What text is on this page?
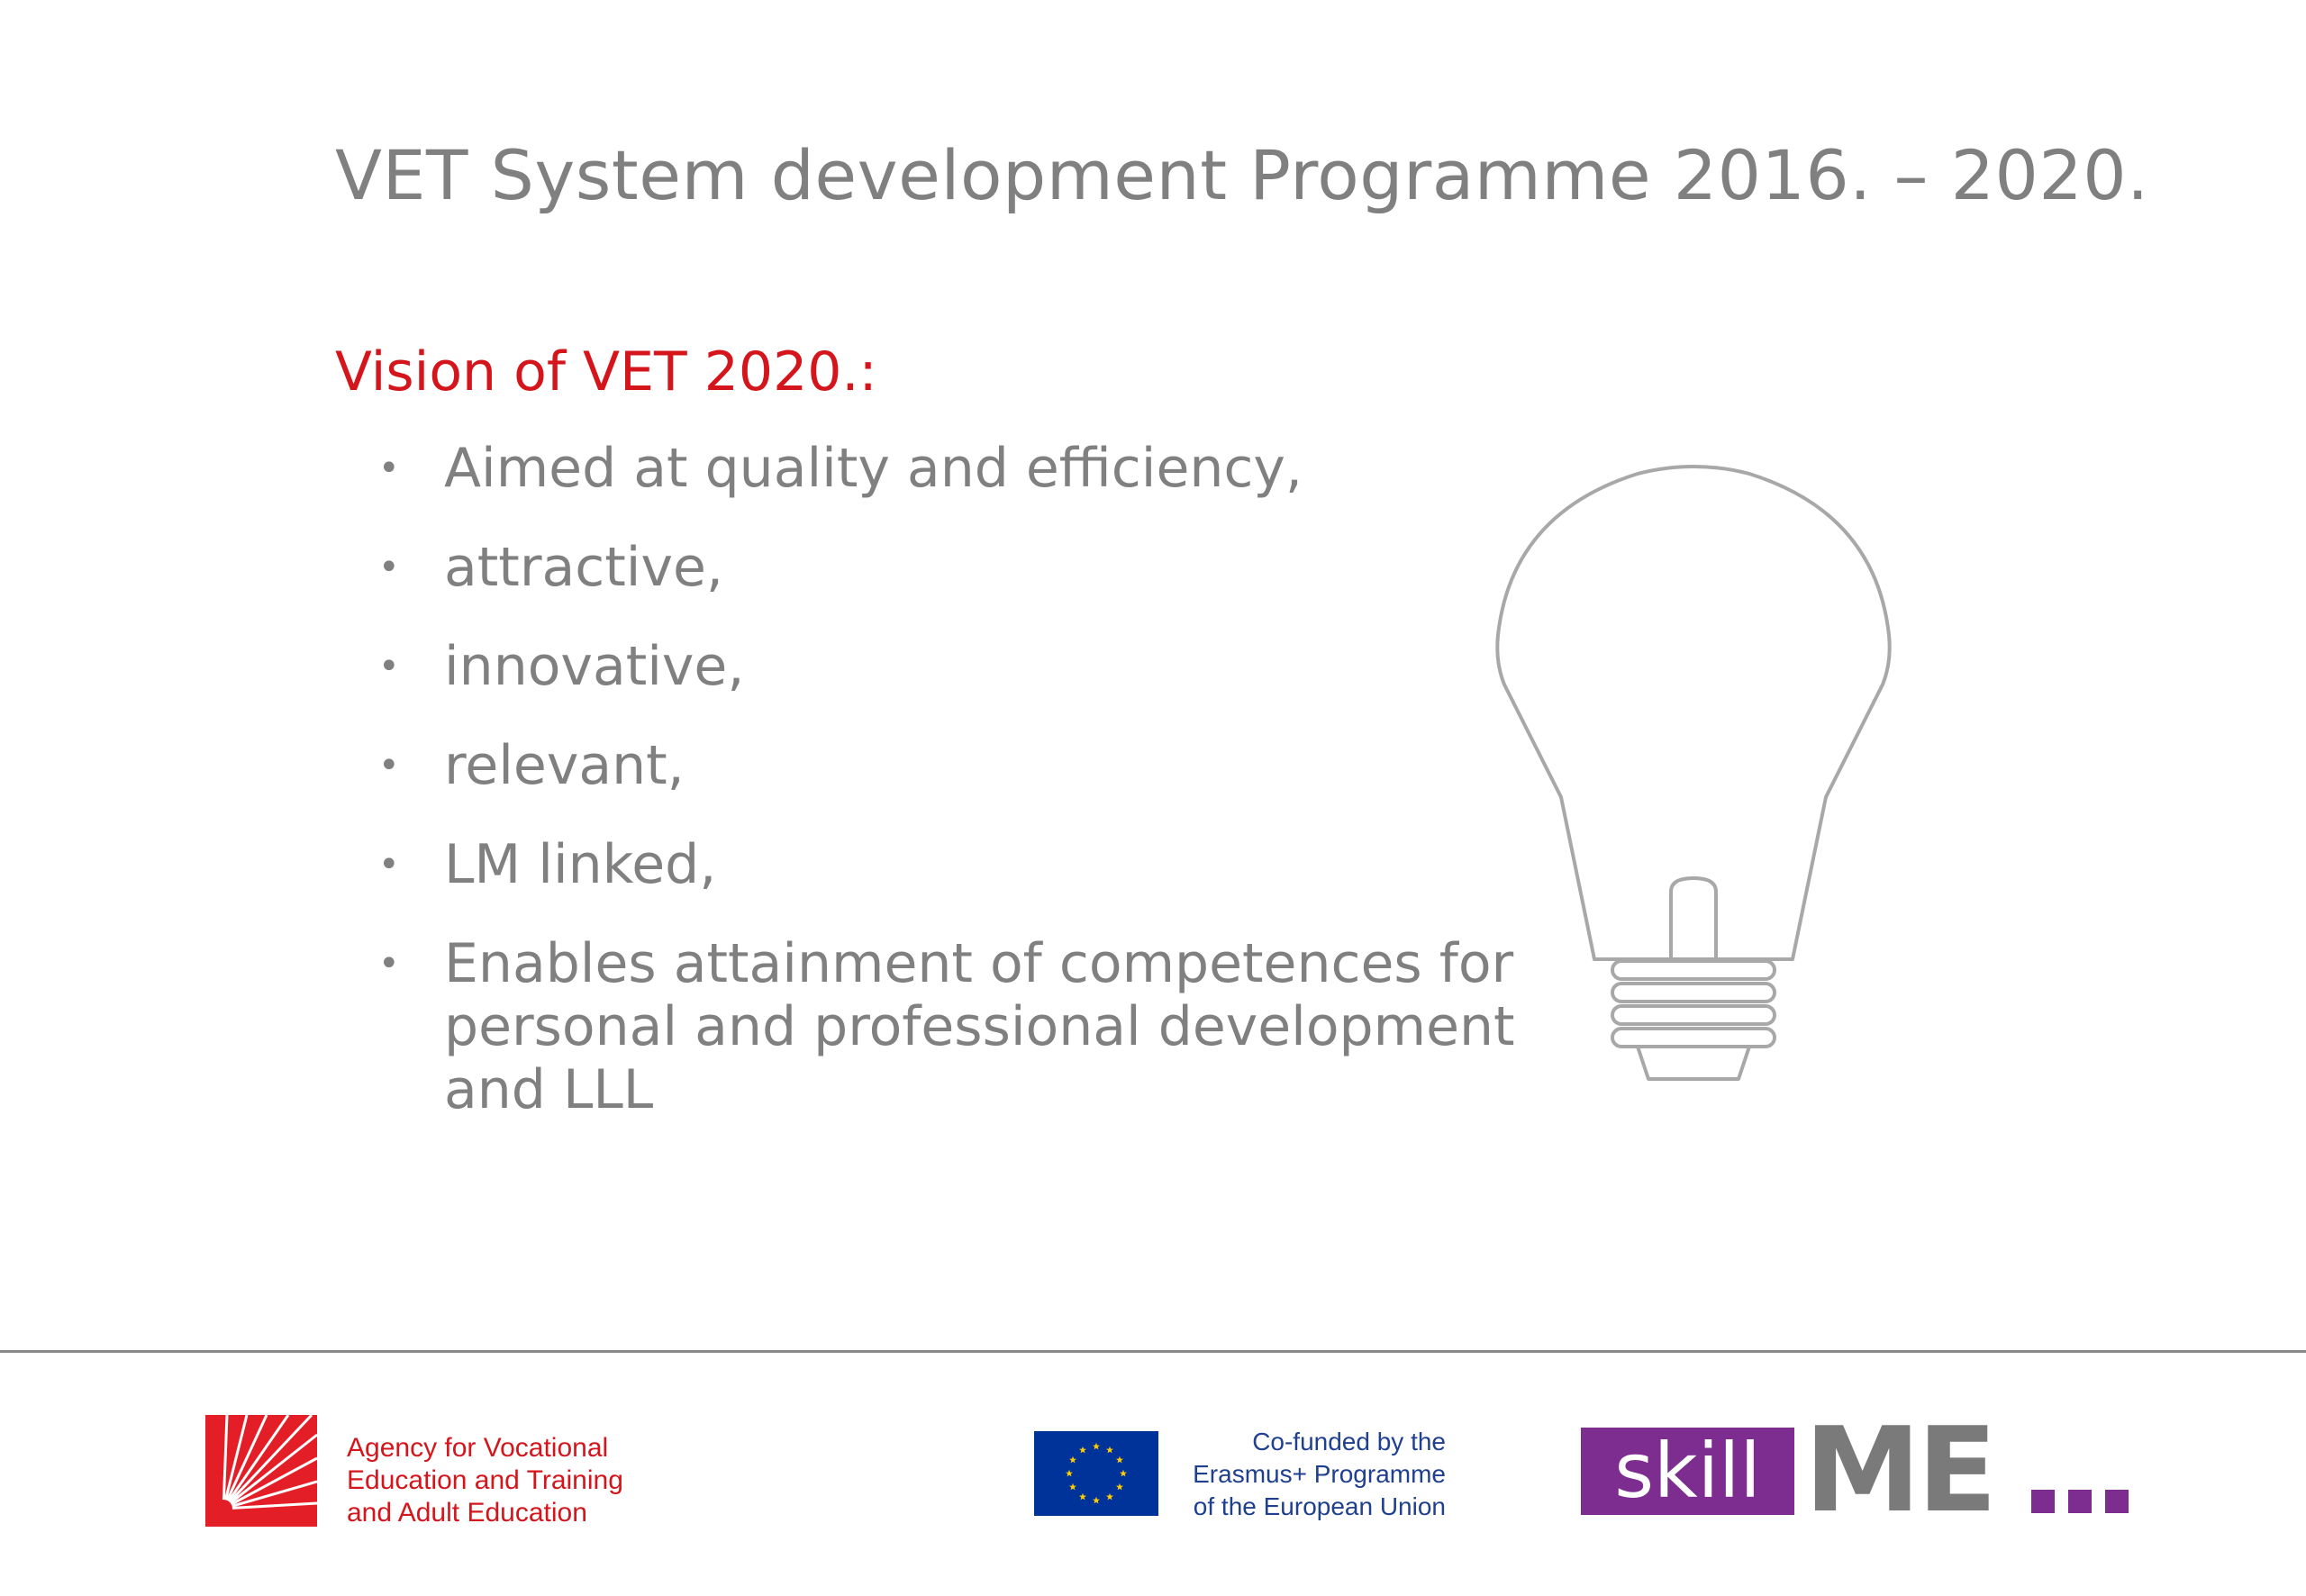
VET System development Programme 2016. – 2020.
Vision of VET 2020.:
• Aimed at quality and efficiency,
• attractive,
• innovative,
• relevant,
• LM linked,
• Enables attainment of competences for personal and professional development and LLL
Agency for Vocational
Education and Training
and Adult Education
Co-funded by the
Erasmus+ Programme
of the European Union	skill ME
